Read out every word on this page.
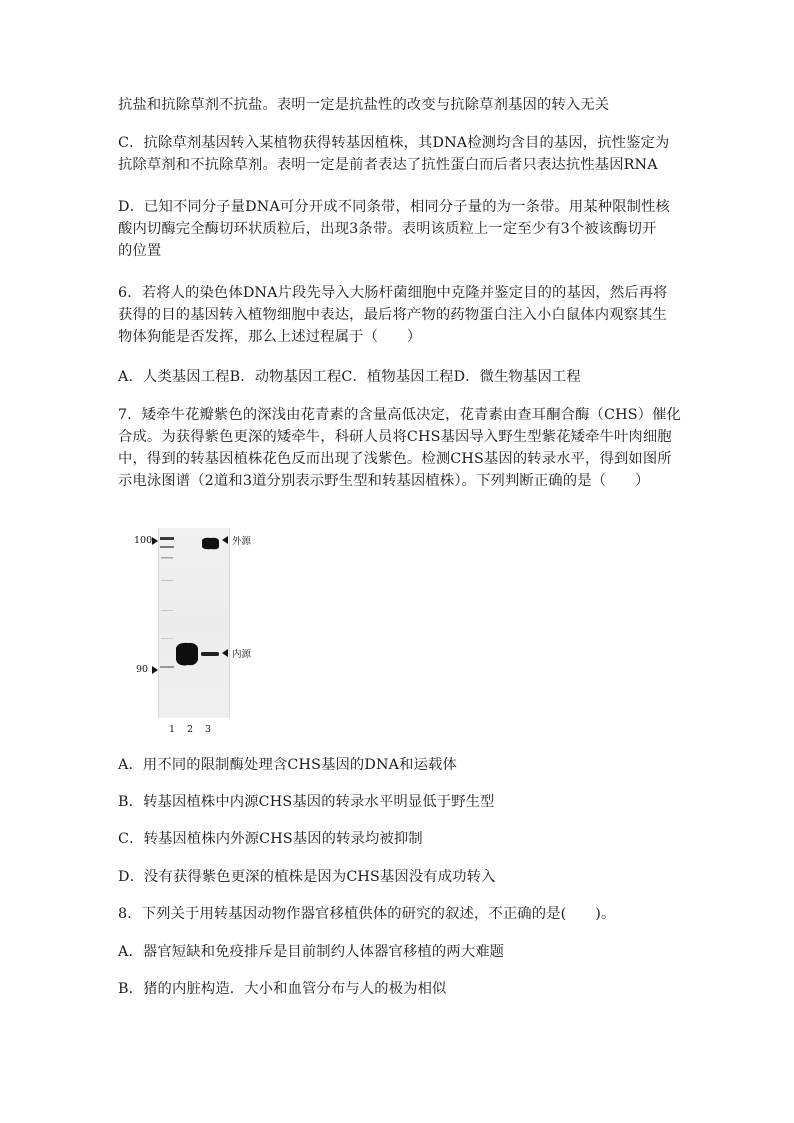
抗盐和抗除草剂不抗盐。表明一定是抗盐性的改变与抗除草剂基因的转入无关

C．抗除草剂基因转入某植物获得转基因植株，其DNA检测均含目的基因，抗性鉴定为

抗除草剂和不抗除草剂。表明一定是前者表达了抗性蛋白而后者只表达抗性基因RNA

D．已知不同分子量DNA可分开成不同条带，相同分子量的为一条带。用某种限制性核

酸内切酶完全酶切环状质粒后，出现3条带。表明该质粒上一定至少有3个被该酶切开

的位置

6．若将人的染色体DNA片段先导入大肠杆菌细胞中克隆并鉴定目的的基因，然后再将

获得的目的基因转入植物细胞中表达，最后将产物的药物蛋白注入小白鼠体内观察其生

物体狗能是否发挥，那么上述过程属于（　　）

A．人类基因工程B．动物基因工程C．植物基因工程D．微生物基因工程

7．矮牵牛花瓣紫色的深浅由花青素的含量高低决定，花青素由查耳酮合酶（CHS）催化

合成。为获得紫色更深的矮牵牛，科研人员将CHS基因导入野生型紫花矮牵牛叶肉细胞

中，得到的转基因植株花色反而出现了浅紫色。检测CHS基因的转录水平，得到如图所

示电泳图谱（2道和3道分别表示野生型和转基因植株）。下列判断正确的是（　　）

100
90
外源
内源
1 2 3
A．用不同的限制酶处理含CHS基因的DNA和运载体
B．转基因植株中内源CHS基因的转录水平明显低于野生型
C．转基因植株内外源CHS基因的转录均被抑制
D．没有获得紫色更深的植株是因为CHS基因没有成功转入
8．下列关于用转基因动物作器官移植供体的研究的叙述，不正确的是(　　)。
A．器官短缺和免疫排斥是目前制约人体器官移植的两大难题
B．猪的内脏构造．大小和血管分布与人的极为相似
